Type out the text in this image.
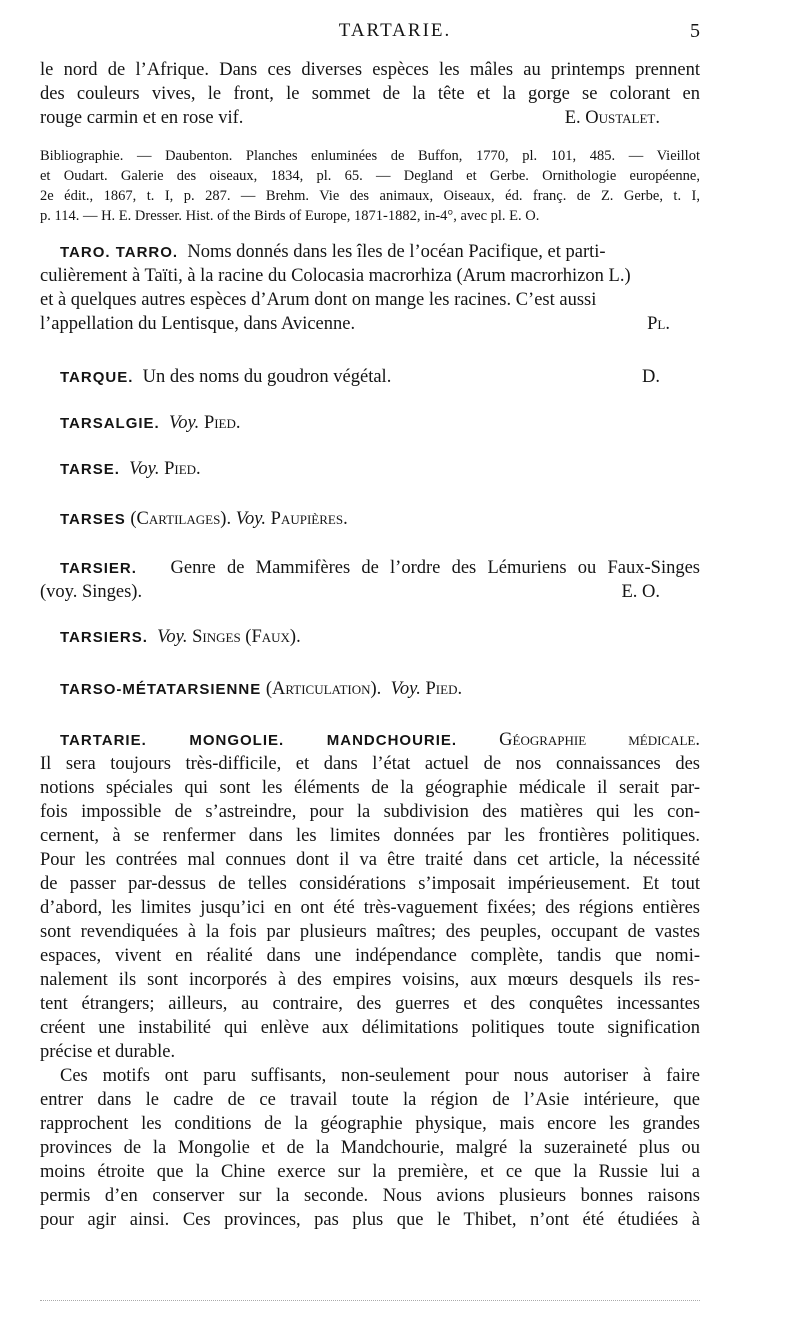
TARTARIE.	5
le nord de l’Afrique. Dans ces diverses espèces les mâles au printemps prennent
des couleurs vives, le front, le sommet de la tête et la gorge se colorant en
rouge carmin et en rose vif.	E. Oustalet.
Bibliographie. — Daubenton. Planches enluminées de Buffon, 1770, pl. 101, 485. — Vieillot
et Oudart. Galerie des oiseaux, 1834, pl. 65. — Degland et Gerbe. Ornithologie européenne,
2e édit., 1867, t. I, p. 287. — Brehm. Vie des animaux, Oiseaux, éd. franç. de Z. Gerbe, t. I,
p. 114. — H. E. Dresser. Hist. of the Birds of Europe, 1871-1882, in-4°, avec pl. E. O.
TARO. TARRO. Noms donnés dans les îles de l’océan Pacifique, et parti-
culièrement à Taïti, à la racine du Colocasia macrorhiza (Arum macrorhizon L.)
et à quelques autres espèces d’Arum dont on mange les racines. C’est aussi
l’appellation du Lentisque, dans Avicenne.	Pl.
TARQUE. Un des noms du goudron végétal.	D.
TARSALGIE. Voy. Pied.
TARSE. Voy. Pied.
TARSES (Cartilages). Voy. Paupières.
TARSIER. Genre de Mammifères de l’ordre des Lémuriens ou Faux-Singes
(voy. Singes).	E. O.
TARSIERS. Voy. Singes (Faux).
TARSO-MÉTATARSIENNE (Articulation). Voy. Pied.
TARTARIE. MONGOLIE. MANDCHOURIE. Géographie médicale.
Il sera toujours très-difficile, et dans l’état actuel de nos connaissances des
notions spéciales qui sont les éléments de la géographie médicale il serait par-
fois impossible de s’astreindre, pour la subdivision des matières qui les con-
cernent, à se renfermer dans les limites données par les frontières politiques.
Pour les contrées mal connues dont il va être traité dans cet article, la nécessité
de passer par-dessus de telles considérations s’imposait impérieusement. Et tout
d’abord, les limites jusqu’ici en ont été très-vaguement fixées; des régions entières
sont revendiquées à la fois par plusieurs maîtres; des peuples, occupant de vastes
espaces, vivent en réalité dans une indépendance complète, tandis que nomi-
nalement ils sont incorporés à des empires voisins, aux mœurs desquels ils res-
tent étrangers; ailleurs, au contraire, des guerres et des conquêtes incessantes
créent une instabilité qui enlève aux délimitations politiques toute signification
précise et durable.
Ces motifs ont paru suffisants, non-seulement pour nous autoriser à faire
entrer dans le cadre de ce travail toute la région de l’Asie intérieure, que
rapprochent les conditions de la géographie physique, mais encore les grandes
provinces de la Mongolie et de la Mandchourie, malgré la suzeraineté plus ou
moins étroite que la Chine exerce sur la première, et ce que la Russie lui a
permis d’en conserver sur la seconde. Nous avions plusieurs bonnes raisons
pour agir ainsi. Ces provinces, pas plus que le Thibet, n’ont été étudiées à
